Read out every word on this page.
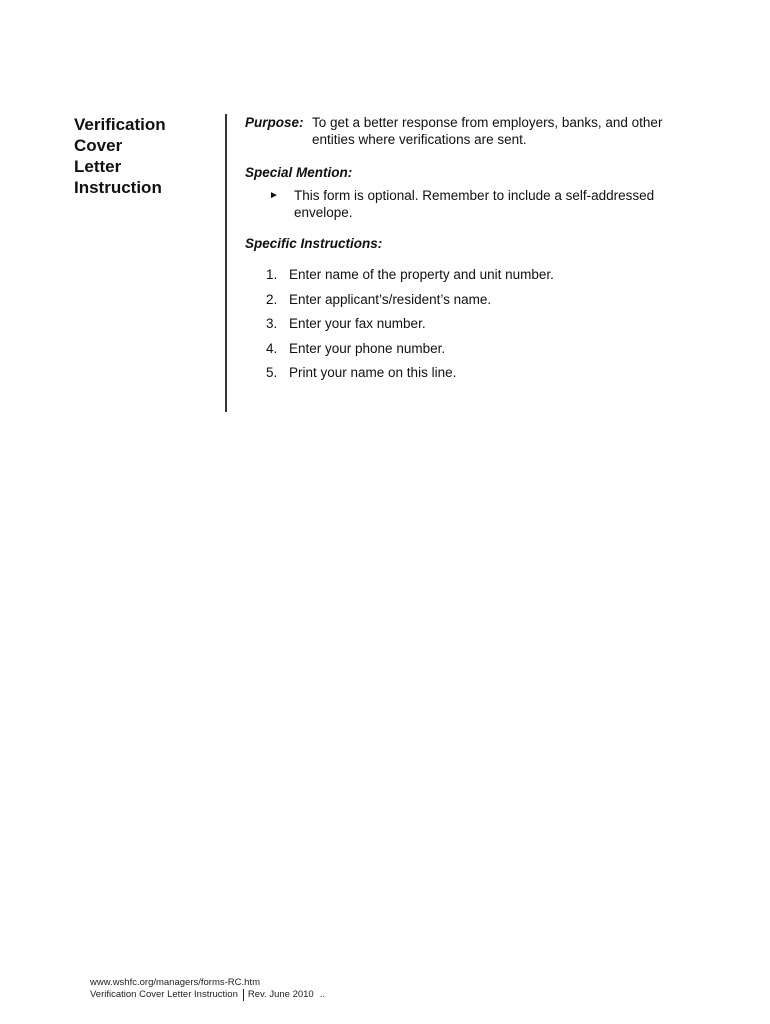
Verification
Cover
Letter
Instruction
Purpose: To get a better response from employers, banks, and other entities where verifications are sent.
Special Mention:
►	This form is optional. Remember to include a self-addressed envelope.
Specific Instructions:
1. Enter name of the property and unit number.
2. Enter applicant’s/resident’s name.
3. Enter your fax number.
4. Enter your phone number.
5. Print your name on this line.
www.wshfc.org/managers/forms-RC.htm
Verification Cover Letter Instruction Rev. June 2010 ..
